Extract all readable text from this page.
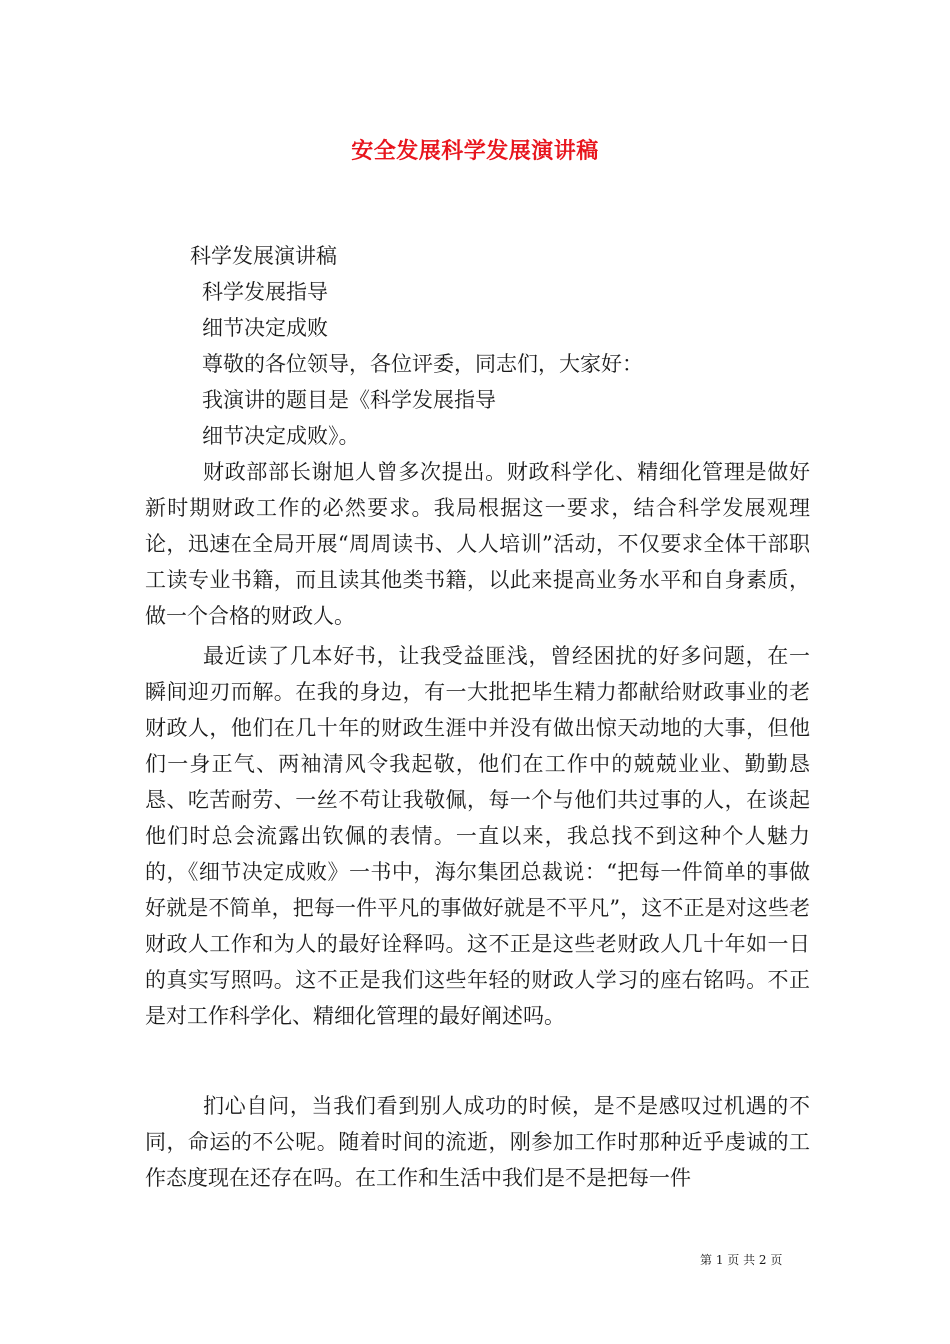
安全发展科学发展演讲稿
科学发展演讲稿
科学发展指导
细节决定成败
尊敬的各位领导，各位评委，同志们，大家好：
我演讲的题目是《科学发展指导
细节决定成败》。
财政部部长谢旭人曾多次提出。财政科学化、精细化管理是做好新时期财政工作的必然要求。我局根据这一要求，结合科学发展观理论，迅速在全局开展“周周读书、人人培训”活动，不仅要求全体干部职工读专业书籍，而且读其他类书籍，以此来提高业务水平和自身素质，做一个合格的财政人。
最近读了几本好书，让我受益匪浅，曾经困扰的好多问题，在一瞬间迎刃而解。在我的身边，有一大批把毕生精力都献给财政事业的老财政人，他们在几十年的财政生涯中并没有做出惊天动地的大事，但他们一身正气、两袖清风令我起敬，他们在工作中的兢兢业业、勤勤恳恳、吃苦耐劳、一丝不苟让我敬佩，每一个与他们共过事的人，在谈起他们时总会流露出钦佩的表情。一直以来，我总找不到这种个人魅力的，《细节决定成败》一书中，海尔集团总裁说：“把每一件简单的事做好就是不简单，把每一件平凡的事做好就是不平凡”，这不正是对这些老财政人工作和为人的最好诠释吗。这不正是这些老财政人几十年如一日的真实写照吗。这不正是我们这些年轻的财政人学习的座右铭吗。不正是对工作科学化、精细化管理的最好阐述吗。
扪心自问，当我们看到别人成功的时候，是不是感叹过机遇的不同，命运的不公呢。随着时间的流逝，刚参加工作时那种近乎虔诚的工作态度现在还存在吗。在工作和生活中我们是不是把每一件
第 1 页 共 2 页
